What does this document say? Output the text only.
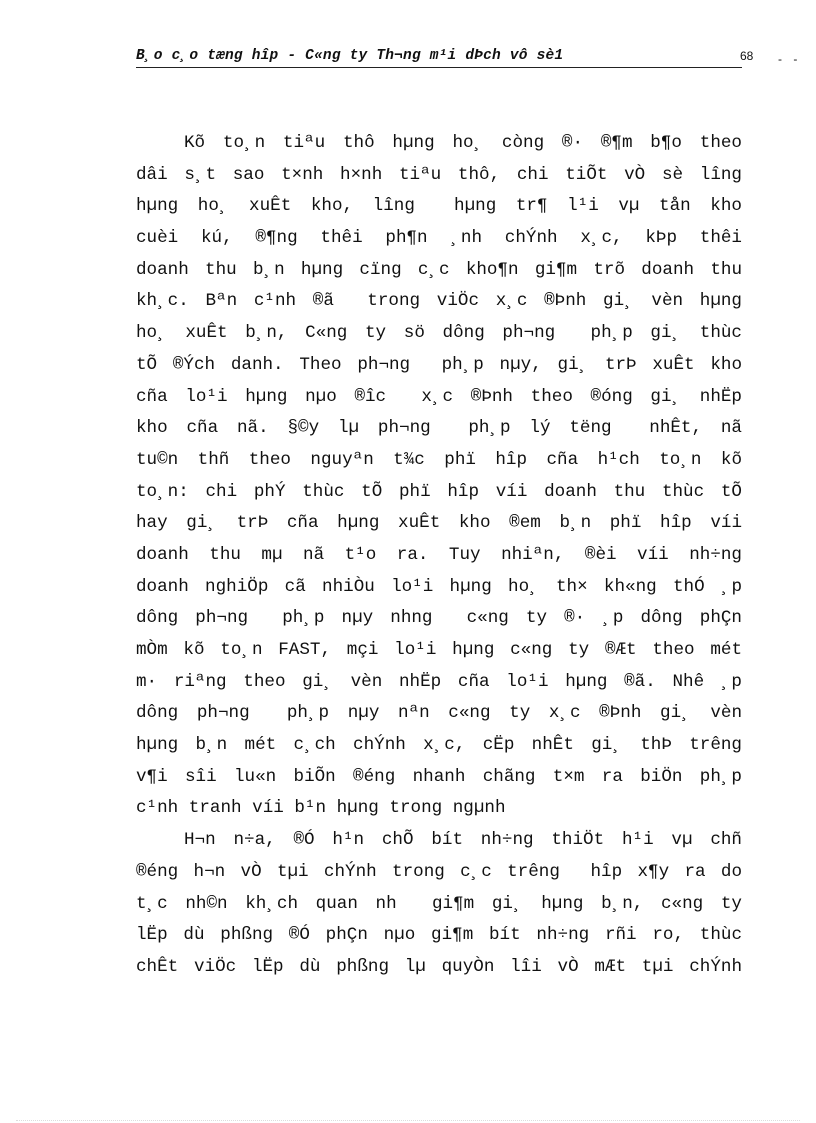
B¸o c¸o tæng hîp - C«ng ty Th¬ng m¹i dÞch vô sè1	68 - -
Kõ to¸n tiªu thô hµng ho¸ còng ®· ®¶m b¶o theo
dâi s¸t sao t×nh h×nh tiªu thô, chi tiÕt vÒ sè lîng
hµng ho¸ xuÊt kho, lîng  hµng tr¶ l¹i vµ tån kho
cuèi kú, ®¶ng thêi ph¶n ¸nh chÝnh x¸c, kÞp thêi
doanh thu b¸n hµng cïng c¸c kho¶n gi¶m trõ doanh thu
kh¸c. Bªn c¹nh ®ã  trong viÖc x¸c ®Þnh gi¸ vèn hµng
ho¸ xuÊt b¸n, C«ng ty sö dông ph¬ng  ph¸p gi¸ thùc
tÕ ®Ých danh. Theo ph¬ng  ph¸p nµy, gi¸ trÞ xuÊt kho
cña lo¹i hµng nµo ®îc  x¸c ®Þnh theo ®óng gi¸ nhËp
kho cña nã. §©y lµ ph¬ng  ph¸p lý tëng  nhÊt, nã
tu©n thñ theo nguyªn t¾c phï hîp cña h¹ch to¸n kõ
to¸n: chi phÝ thùc tÕ phï hîp víi doanh thu thùc tÕ
hay gi¸ trÞ cña hµng xuÊt kho ®em b¸n phï hîp víi
doanh thu mµ nã t¹o ra. Tuy nhiªn, ®èi víi nh÷ng
doanh nghiÖp cã nhiÒu lo¹i hµng ho¸ th× kh«ng thÓ ¸p
dông ph¬ng  ph¸p nµy nhng  c«ng ty ®· ¸p dông phÇn
mÒm kõ to¸n FAST, mçi lo¹i hµng c«ng ty ®Æt theo mét
m· riªng theo gi¸ vèn nhËp cña lo¹i hµng ®ã. Nhê ¸p
dông ph¬ng  ph¸p nµy nªn c«ng ty x¸c ®Þnh gi¸ vèn
hµng b¸n mét c¸ch chÝnh x¸c, cËp nhÊt gi¸ thÞ trêng
v¶i sîi lu«n biÕn ®éng nhanh chãng t×m ra biÖn ph¸p
c¹nh tranh víi b¹n hµng trong ngµnh
H¬n n÷a, ®Ó h¹n chÕ bít nh÷ng thiÖt h¹i vµ chñ
®éng h¬n vÒ tµi chÝnh trong c¸c trêng  hîp x¶y ra do
t¸c nh©n kh¸ch quan nh  gi¶m gi¸ hµng b¸n, c«ng ty
lËp dù phßng ®Ó phÇn nµo gi¶m bít nh÷ng rñi ro, thùc
chÊt viÖc lËp dù phßng lµ quyÒn lîi vÒ mÆt tµi chÝnh
